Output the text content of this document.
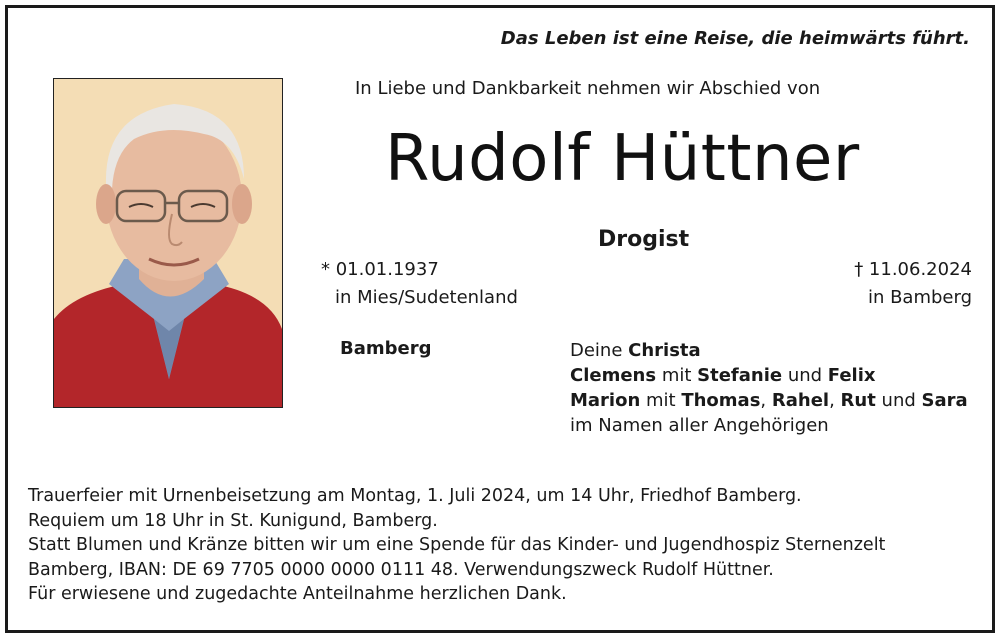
Das Leben ist eine Reise, die heimwärts führt.
In Liebe und Dankbarkeit nehmen wir Abschied von
Rudolf Hüttner
Drogist
* 01.01.1937
in Mies/Sudetenland
† 11.06.2024
in Bamberg
Bamberg	Deine Christa
Clemens mit Stefanie und Felix
Marion mit Thomas, Rahel, Rut und Sara
im Namen aller Angehörigen
Trauerfeier mit Urnenbeisetzung am Montag, 1. Juli 2024, um 14 Uhr, Friedhof Bamberg.
Requiem um 18 Uhr in St. Kunigund, Bamberg.
Statt Blumen und Kränze bitten wir um eine Spende für das Kinder- und Jugendhospiz Sternenzelt
Bamberg, IBAN: DE 69 7705 0000 0000 0111 48. Verwendungszweck Rudolf Hüttner.
Für erwiesene und zugedachte Anteilnahme herzlichen Dank.
